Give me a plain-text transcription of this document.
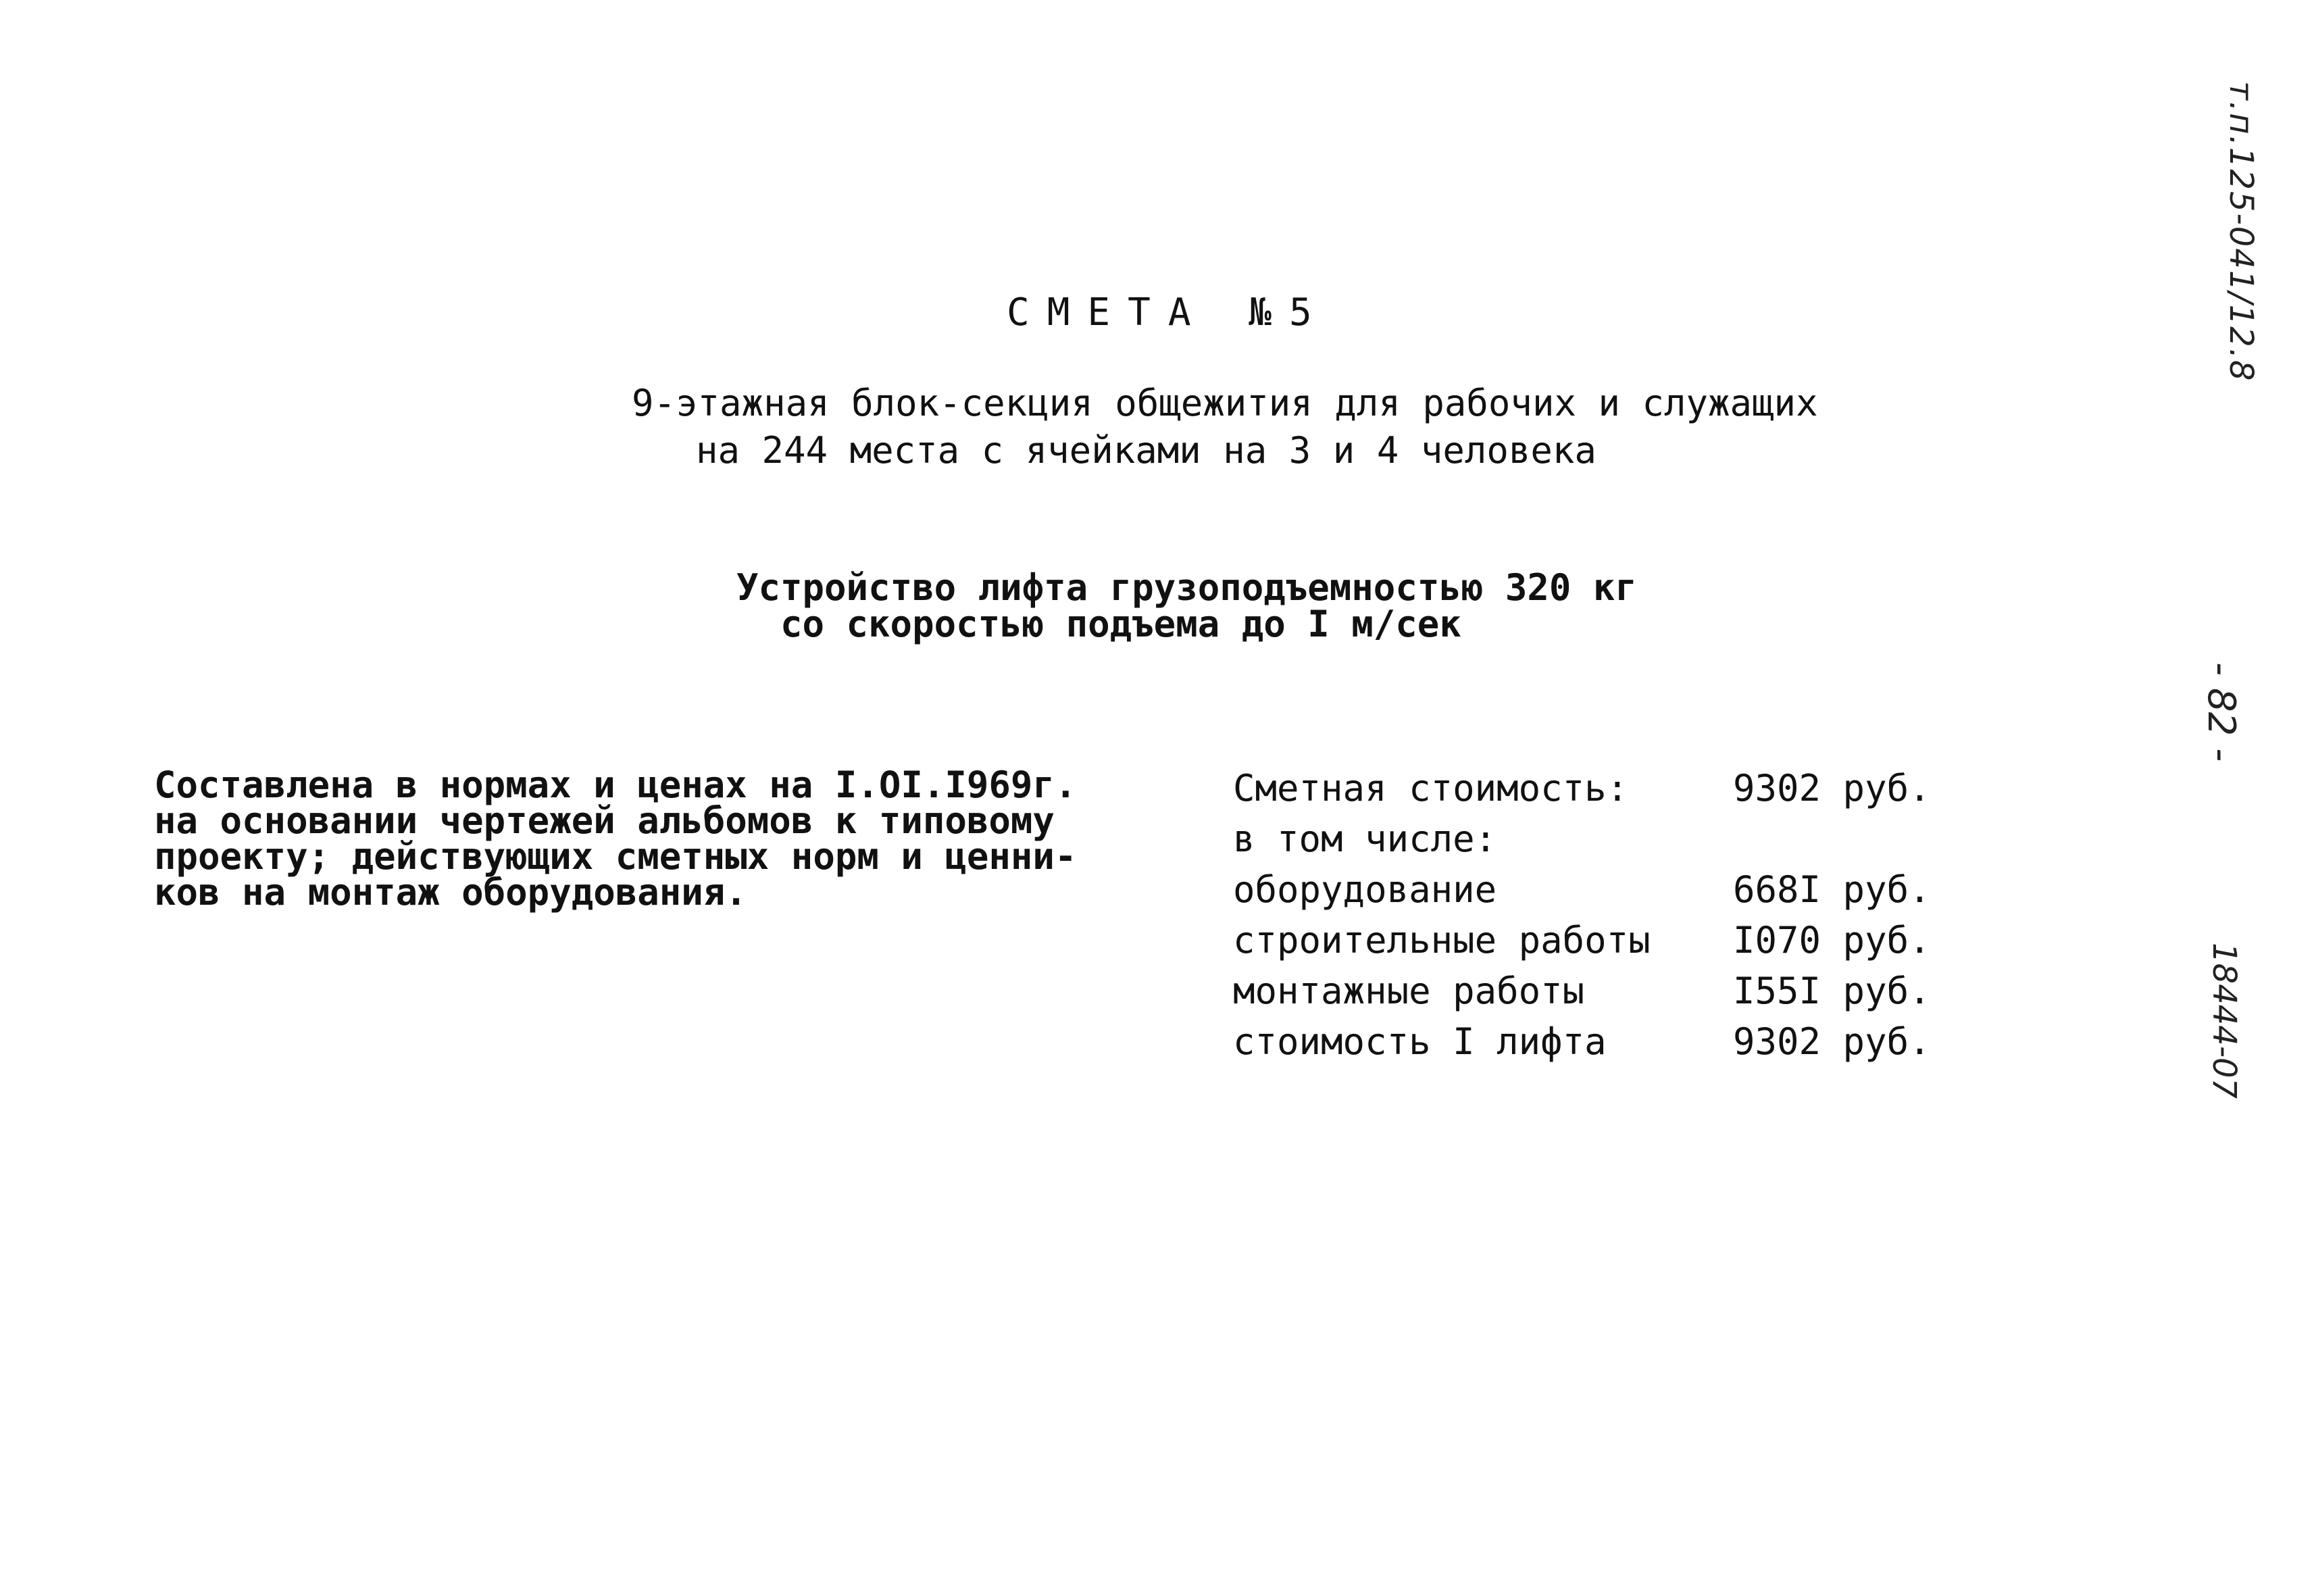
СМЕТА №5
9-этажная блок-секция общежития для рабочих и служащих
на 244 места с ячейками на 3 и 4 человека
Устройство лифта грузоподъемностью 320 кг
со скоростью подъема до I м/сек
Составлена в нормах и ценах на I.OI.I969г.
на основании чертежей альбомов к типовому
проекту; действующих сметных норм и ценни-
ков на монтаж оборудования.
Сметная стоимость:	9302 руб.
в том числе:
оборудование	668I руб.
строительные работы I070 руб.
монтажные работы	I55I руб.
стоимость I лифта	9302 руб.
т.п.125-041/12.8
- 82 -
18444-07
